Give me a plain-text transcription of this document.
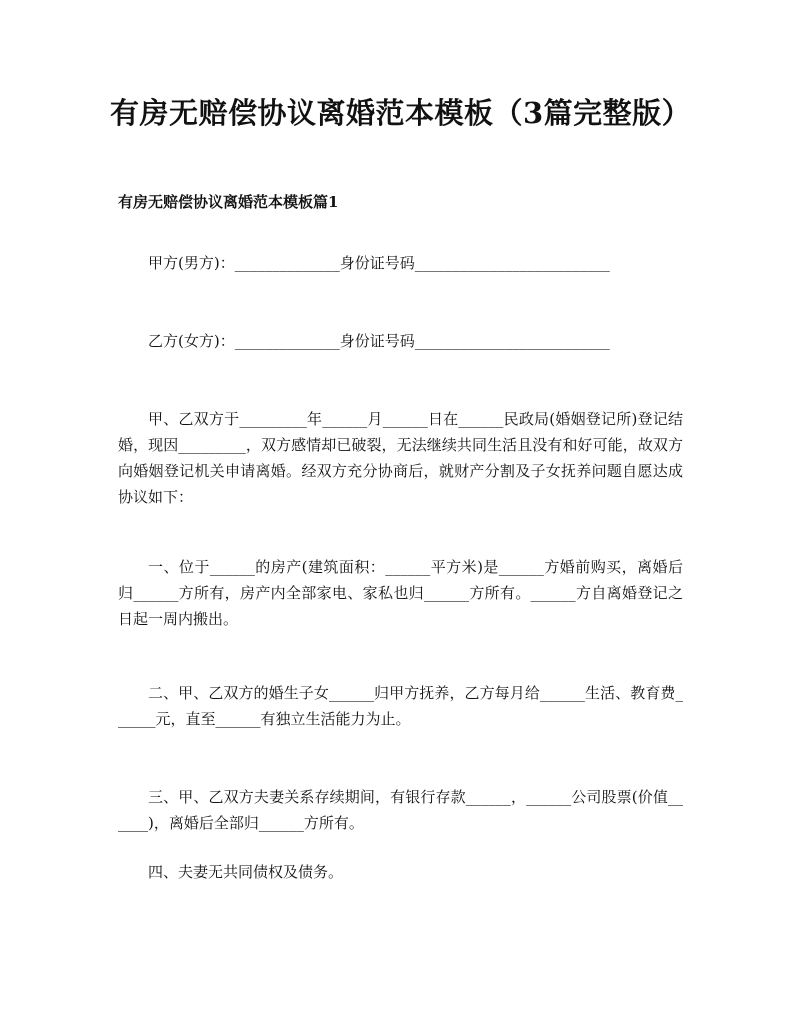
有房无赔偿协议离婚范本模板（3篇完整版）
有房无赔偿协议离婚范本模板篇1

甲方(男方)：______________身份证号码__________________________

乙方(女方)：______________身份证号码__________________________

甲、乙双方于_________年______月______日在______民政局(婚姻登记所)登记结婚，现因_________，双方感情却已破裂，无法继续共同生活且没有和好可能，故双方向婚姻登记机关申请离婚。经双方充分协商后，就财产分割及子女抚养问题自愿达成协议如下：

一、位于______的房产(建筑面积：______平方米)是______方婚前购买，离婚后归______方所有，房产内全部家电、家私也归______方所有。______方自离婚登记之日起一周内搬出。

二、甲、乙双方的婚生子女______归甲方抚养，乙方每月给______生活、教育费______元，直至______有独立生活能力为止。

三、甲、乙双方夫妻关系存续期间，有银行存款______，______公司股票(价值______)，离婚后全部归______方所有。

四、夫妻无共同债权及债务。
